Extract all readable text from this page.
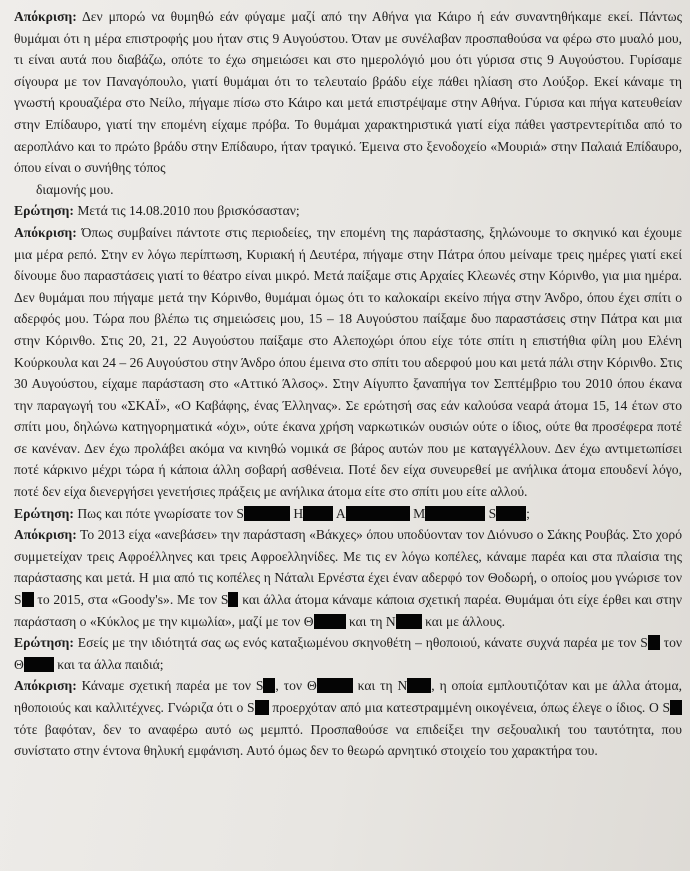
Απόκριση: Δεν μπορώ να θυμηθώ εάν φύγαμε μαζί από την Αθήνα για Κάιρο ή εάν συναντηθήκαμε εκεί. Πάντως θυμάμαι ότι η μέρα επιστροφής μου ήταν στις 9 Αυγούστου. Όταν με συνέλαβαν προσπαθούσα να φέρω στο μυαλό μου, τι είναι αυτά που διαβάζω, οπότε το έχω σημειώσει και στο ημερολόγιό μου ότι γύρισα στις 9 Αυγούστου. Γυρίσαμε σίγουρα με τον Παναγόπουλο, γιατί θυμάμαι ότι το τελευταίο βράδυ είχε πάθει ηλίαση στο Λούξορ. Εκεί κάναμε τη γνωστή κρουαζιέρα στο Νείλο, πήγαμε πίσω στο Κάιρο και μετά επιστρέψαμε στην Αθήνα. Γύρισα και πήγα κατευθείαν στην Επίδαυρο, γιατί την επομένη είχαμε πρόβα. Το θυμάμαι χαρακτηριστικά γιατί είχα πάθει γαστρεντερίτιδα από το αεροπλάνο και το πρώτο βράδυ στην Επίδαυρο, ήταν τραγικό. Έμεινα στο ξενοδοχείο «Μουριά» στην Παλαιά Επίδαυρο, όπου είναι ο συνήθης τόπος
διαμονής μου.

Ερώτηση: Μετά τις 14.08.2010 που βρισκόσασταν;

Απόκριση: Όπως συμβαίνει πάντοτε στις περιοδείες, την επομένη της παράστασης, ξηλώνουμε το σκηνικό και έχουμε μια μέρα ρεπό. Στην εν λόγω περίπτωση, Κυριακή ή Δευτέρα, πήγαμε στην Πάτρα όπου μείναμε τρεις ημέρες γιατί εκεί δίνουμε δυο παραστάσεις γιατί το θέατρο είναι μικρό. Μετά παίξαμε στις Αρχαίες Κλεωνές στην Κόρινθο, για μια ημέρα. Δεν θυμάμαι που πήγαμε μετά την Κόρινθο, θυμάμαι όμως ότι το καλοκαίρι εκείνο πήγα στην Άνδρο, όπου έχει σπίτι ο αδερφός μου. Τώρα που βλέπω τις σημειώσεις μου, 15 – 18 Αυγούστου παίξαμε δυο παραστάσεις στην Πάτρα και μια στην Κόρινθο. Στις 20, 21, 22 Αυγούστου παίξαμε στο Αλεποχώρι όπου είχε τότε σπίτι η επιστήθια φίλη μου Ελένη Κούρκουλα και 24 – 26 Αυγούστου στην Άνδρο όπου έμεινα στο σπίτι του αδερφού μου και μετά πάλι στην Κόρινθο. Στις 30 Αυγούστου, είχαμε παράσταση στο «Αττικό Άλσος». Στην Αίγυπτο ξαναπήγα τον Σεπτέμβριο του 2010 όπου έκανα την παραγωγή του «ΣΚΑΪ», «Ο Καβάφης, ένας Έλληνας». Σε ερώτησή σας εάν καλούσα νεαρά άτομα 15, 14 έτων στο σπίτι μου, δηλώνω κατηγορηματικά «όχι», ούτε έκανα χρήση ναρκωτικών ουσιών ούτε ο ίδιος, ούτε θα προσέφερα ποτέ σε κανέναν. Δεν έχω προλάβει ακόμα να κινηθώ νομικά σε βάρος αυτών που με καταγγέλλουν. Δεν έχω αντιμετωπίσει ποτέ κάρκινο μέχρι τώρα ή κάποια άλλη σοβαρή ασθένεια. Ποτέ δεν είχα συνευρεθεί με ανήλικα άτομα επουδενί λόγο, ποτέ δεν είχα διενεργήσει γενετήσιες πράξεις με ανήλικα άτομα είτε στο σπίτι μου είτε αλλού.

Ερώτηση: Πως και πότε γνωρίσατε τον S	H A	M	S ;

Απόκριση: Το 2013 είχα «ανεβάσει» την παράσταση «Βάκχες» όπου υποδύονταν τον Διόνυσο ο Σάκης Ρουβάς. Στο χορό συμμετείχαν τρεις Αφροέλληνες και τρεις Αφροελληνίδες. Με τις εν λόγω κοπέλες, κάναμε παρέα και στα πλαίσια της παράστασης και μετά. Η μια από τις κοπέλες η Νάταλι Ερνέστα έχει έναν αδερφό τον Θοδωρή, ο οποίος μου γνώρισε τον S το 2015, στα «Goody's». Με τον S και άλλα άτομα κάναμε κάποια σχετική παρέα. Θυμάμαι ότι είχε έρθει και στην παράσταση ο «Κύκλος με την κιμωλία», μαζί με τον Θ	και τη N και με άλλους.

Ερώτηση: Εσείς με την ιδιότητά σας ως ενός καταξιωμένου σκηνοθέτη – ηθοποιού, κάνατε συχνά παρέα με τον S τον Θ και τα άλλα παιδιά;

Απόκριση: Κάναμε σχετική παρέα με τον S , τον Θ	και τη N , η οποία εμπλουτιζόταν και με άλλα άτομα, ηθοποιούς και καλλιτέχνες. Γνώριζα ότι ο S προερχόταν από μια κατεστραμμένη οικογένεια, όπως έλεγε ο ίδιος. Ο S τότε βαφόταν, δεν το αναφέρω αυτό ως μεμπτό. Προσπαθούσε να επιδείξει την σεξουαλική του ταυτότητα, που συνίστατο στην έντονα θηλυκή εμφάνιση. Αυτό όμως δεν το θεωρώ αρνητικό στοιχείο του χαρακτήρα του.
